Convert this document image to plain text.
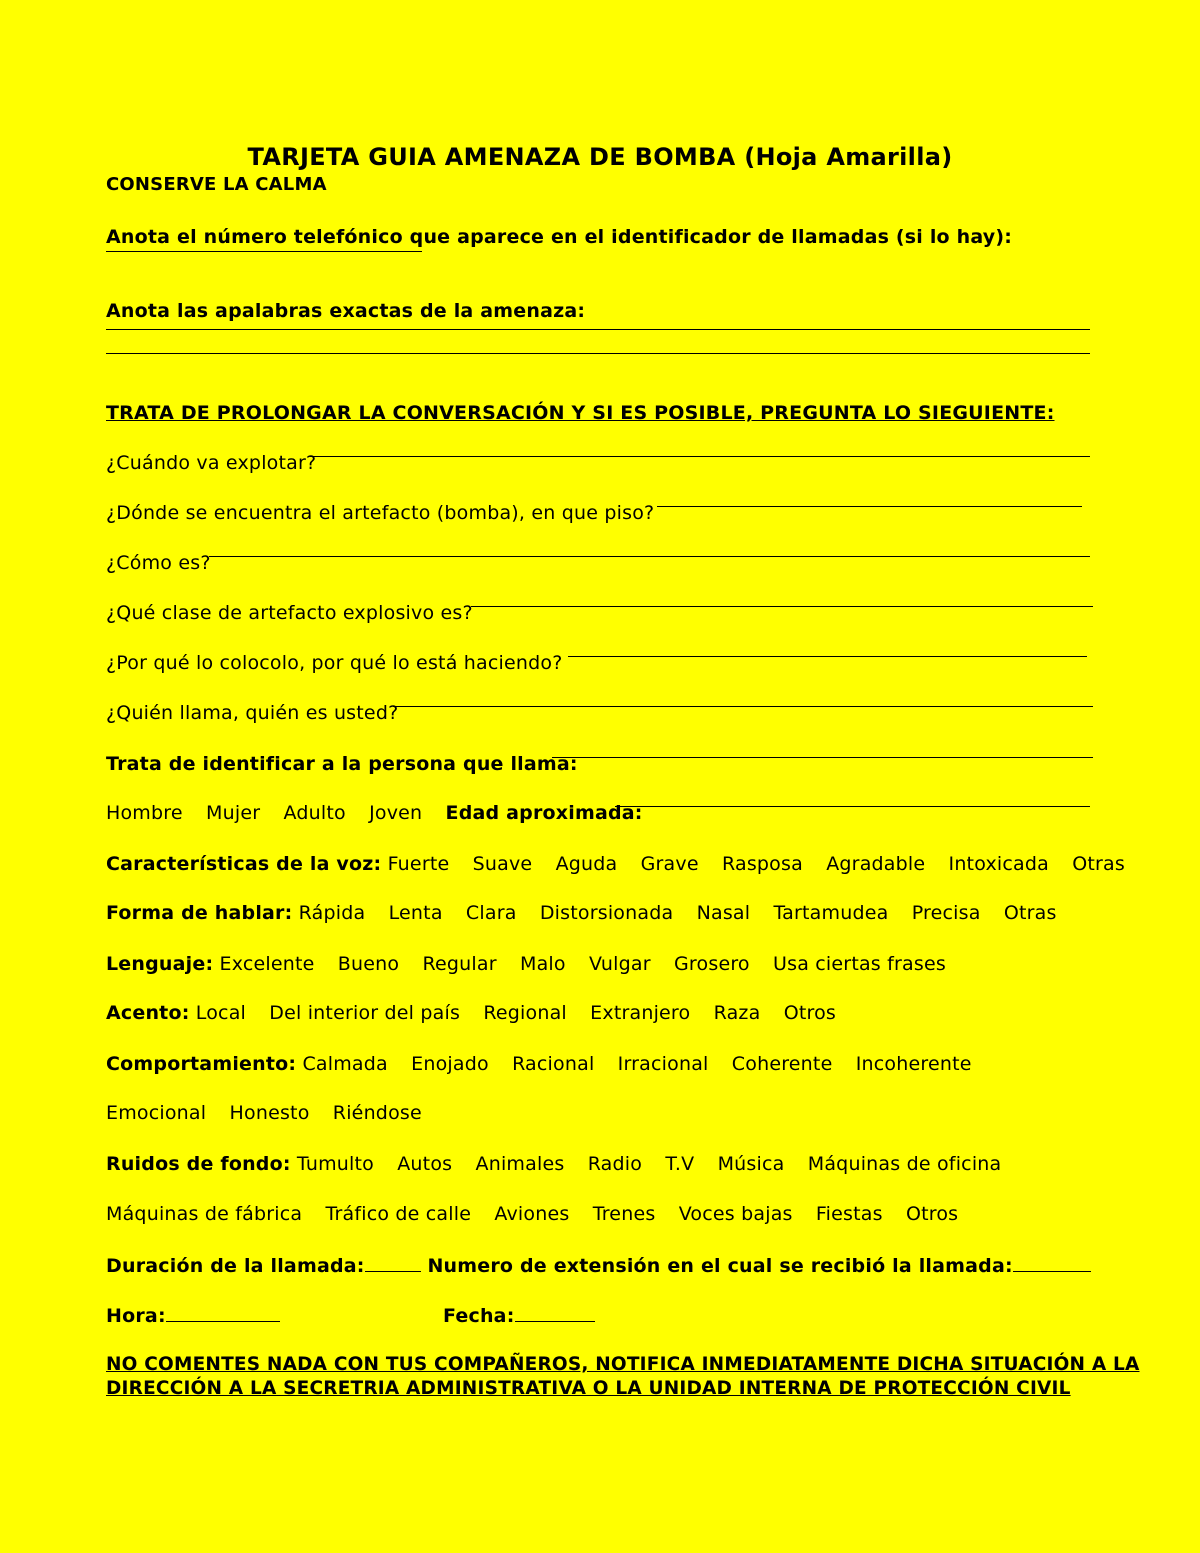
TARJETA GUIA AMENAZA DE BOMBA (Hoja Amarilla)
CONSERVE LA CALMA
Anota el número telefónico que aparece en el identificador de llamadas (si lo hay):
Anota las apalabras exactas de la amenaza:
TRATA DE PROLONGAR LA CONVERSACIÓN Y SI ES POSIBLE, PREGUNTA LO SIEGUIENTE:
¿Cuándo va explotar?
¿Dónde se encuentra el artefacto (bomba), en que piso?
¿Cómo es?
¿Qué clase de artefacto explosivo es?
¿Por qué lo colocolo, por qué lo está haciendo?
¿Quién llama, quién es usted?
Trata de identificar a la persona que llama:
Hombre Mujer Adulto Joven Edad aproximada:
Características de la voz: Fuerte Suave Aguda Grave Rasposa Agradable Intoxicada Otras
Forma de hablar: Rápida Lenta Clara Distorsionada Nasal Tartamudea Precisa Otras
Lenguaje: Excelente Bueno Regular Malo Vulgar Grosero Usa ciertas frases
Acento: Local Del interior del país Regional Extranjero Raza Otros
Comportamiento: Calmada Enojado Racional Irracional Coherente Incoherente
Emocional Honesto Riéndose
Ruidos de fondo: Tumulto Autos Animales Radio T.V Música Máquinas de oficina
Máquinas de fábrica Tráfico de calle Aviones Trenes Voces bajas Fiestas Otros
Duración de la llamada:	Numero de extensión en el cual se recibió la llamada:
Hora:	Fecha:
NO COMENTES NADA CON TUS COMPAÑEROS, NOTIFICA INMEDIATAMENTE DICHA SITUACIÓN A LA
DIRECCIÓN A LA SECRETRIA ADMINISTRATIVA O LA UNIDAD INTERNA DE PROTECCIÓN CIVIL
